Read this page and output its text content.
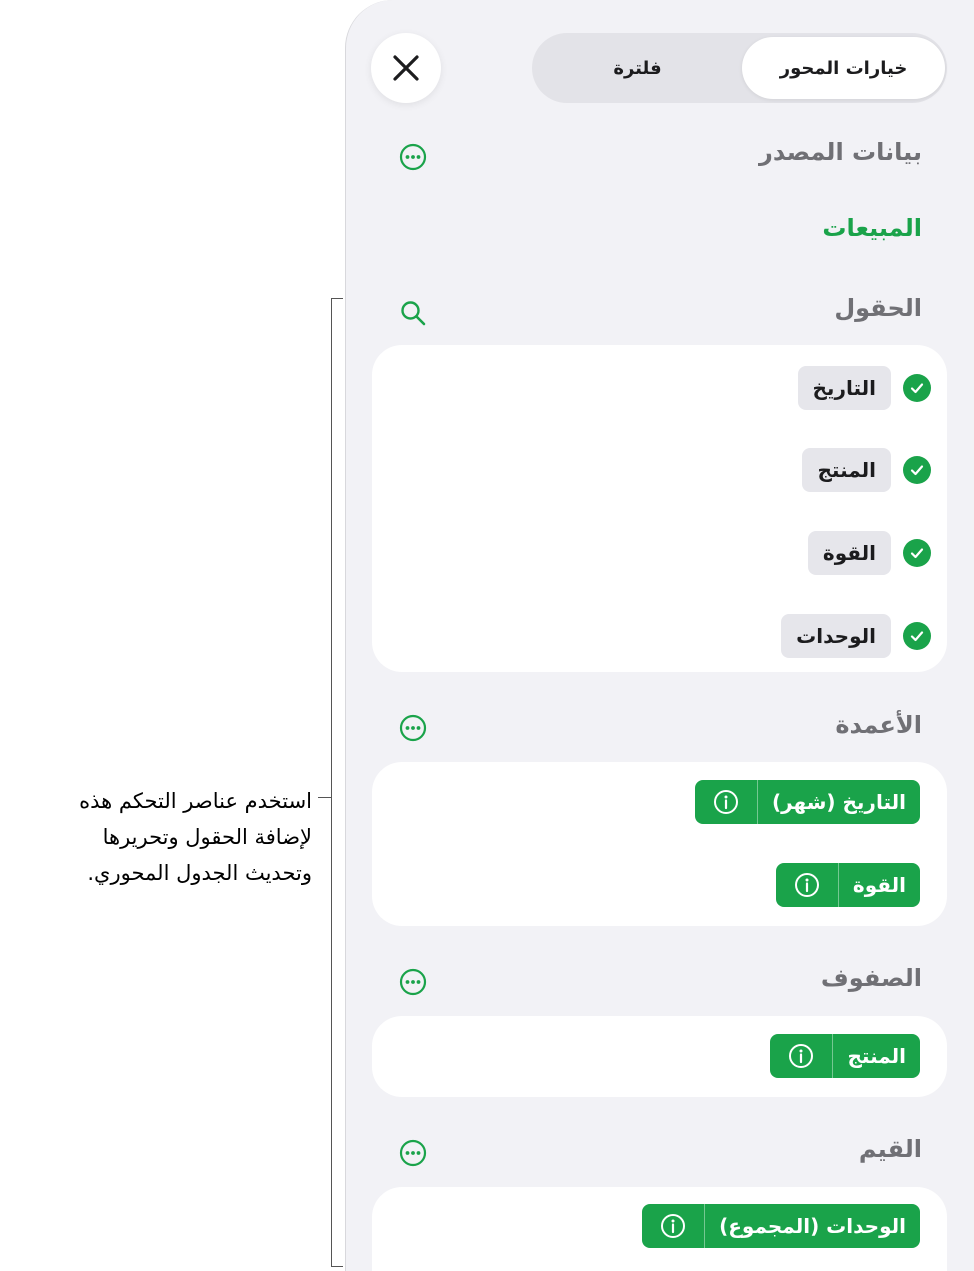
استخدم عناصر التحكم هذه
لإضافة الحقول وتحريرها
وتحديث الجدول المحوري.
فلترة	خيارات المحور
بيانات المصدر
المبيعات
الحقول
التاريخ
المنتج
القوة
الوحدات
الأعمدة
التاريخ (شهر)
القوة
الصفوف
المنتج
القيم
الوحدات (المجموع)
